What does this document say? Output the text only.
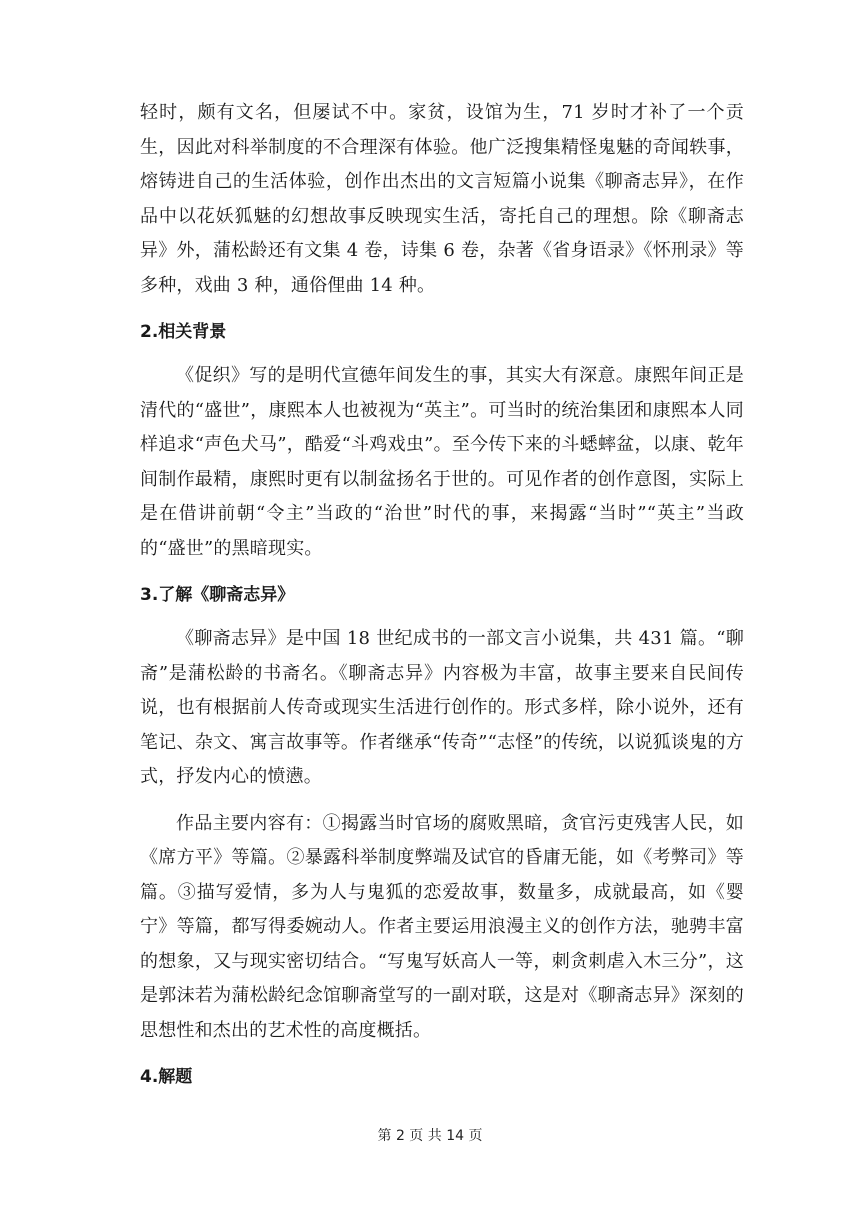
轻时，颇有文名，但屡试不中。家贫，设馆为生，71 岁时才补了一个贡生，因此对科举制度的不合理深有体验。他广泛搜集精怪鬼魅的奇闻轶事，熔铸进自己的生活体验，创作出杰出的文言短篇小说集《聊斋志异》，在作品中以花妖狐魅的幻想故事反映现实生活，寄托自己的理想。除《聊斋志异》外，蒲松龄还有文集 4 卷，诗集 6 卷，杂著《省身语录》《怀刑录》等多种，戏曲 3 种，通俗俚曲 14 种。

2.相关背景

《促织》写的是明代宣德年间发生的事，其实大有深意。康熙年间正是清代的“盛世”，康熙本人也被视为“英主”。可当时的统治集团和康熙本人同样追求“声色犬马”，酷爱“斗鸡戏虫”。至今传下来的斗蟋蟀盆，以康、乾年间制作最精，康熙时更有以制盆扬名于世的。可见作者的创作意图，实际上是在借讲前朝“令主”当政的“治世”时代的事，来揭露“当时”“英主”当政的“盛世”的黑暗现实。

3.了解《聊斋志异》

《聊斋志异》是中国 18 世纪成书的一部文言小说集，共 431 篇。“聊斋”是蒲松龄的书斋名。《聊斋志异》内容极为丰富，故事主要来自民间传说，也有根据前人传奇或现实生活进行创作的。形式多样，除小说外，还有笔记、杂文、寓言故事等。作者继承“传奇”“志怪”的传统，以说狐谈鬼的方式，抒发内心的愤懑。

作品主要内容有：①揭露当时官场的腐败黑暗，贪官污吏残害人民，如《席方平》等篇。②暴露科举制度弊端及试官的昏庸无能，如《考弊司》等篇。③描写爱情，多为人与鬼狐的恋爱故事，数量多，成就最高，如《婴宁》等篇，都写得委婉动人。作者主要运用浪漫主义的创作方法，驰骋丰富的想象，又与现实密切结合。“写鬼写妖高人一等，刺贪刺虐入木三分”，这是郭沫若为蒲松龄纪念馆聊斋堂写的一副对联，这是对《聊斋志异》深刻的思想性和杰出的艺术性的高度概括。

4.解题
第 2 页 共 14 页
